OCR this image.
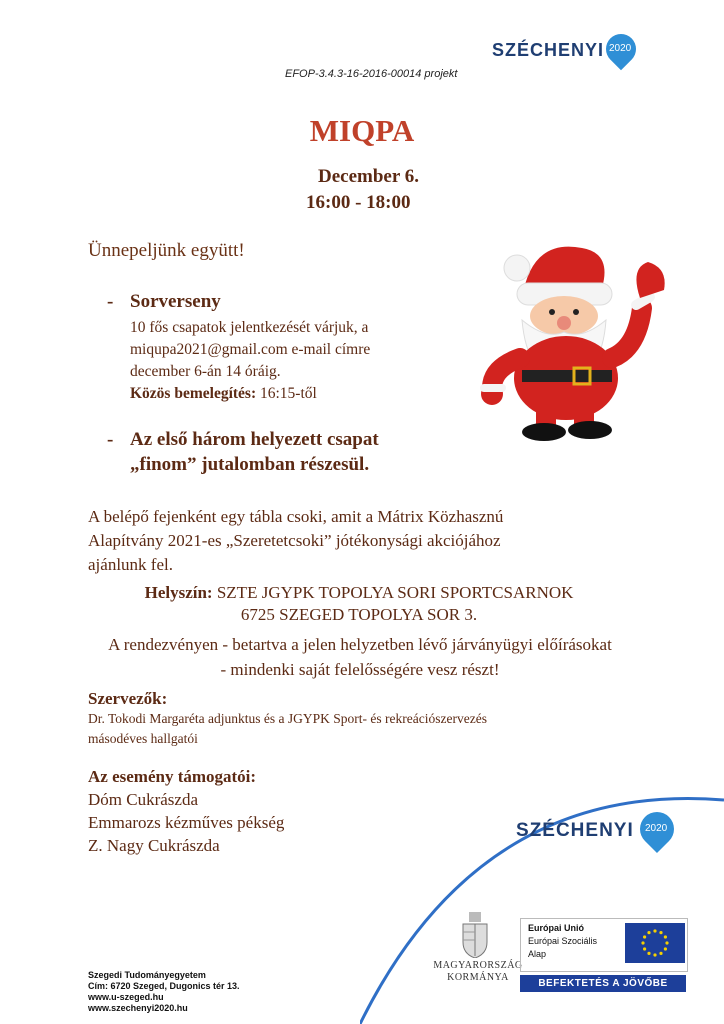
SZÉCHENYI 2020
EFOP-3.4.3-16-2016-00014 projekt
MIQPA
December 6.
16:00 - 18:00
Ünnepeljünk együtt!
- Sorverseny
10 fős csapatok jelentkezését várjuk, a
miqupa2021@gmail.com e-mail címre
december 6-án 14 óráig.
Közös bemelegítés: 16:15-től
- Az első három helyezett csapat
„finom” jutalomban részesül.
A belépő fejenként egy tábla csoki, amit a Mátrix Közhasznú
Alapítvány 2021-es „Szeretetcsoki” jótékonysági akciójához
ajánlunk fel.
Helyszín: SZTE JGYPK TOPOLYA SORI SPORTCSARNOK
6725 SZEGED TOPOLYA SOR 3.
A rendezvényen - betartva a jelen helyzetben lévő járványügyi előírásokat
- mindenki saját felelősségére vesz részt!
Szervezők:
Dr. Tokodi Margaréta adjunktus és a JGYPK Sport- és rekreációszervezés
másodéves hallgatói
Az esemény támogatói:
Dóm Cukrászda
Emmarozs kézműves pékség
Z. Nagy Cukrászda
SZÉCHENYI 2020
MAGYARORSZÁG
KORMÁNYA
Európai Unió
Európai Szociális
Alap
BEFEKTETÉS A JÖVŐBE
Szegedi Tudományegyetem
Cím: 6720 Szeged, Dugonics tér 13.
www.u-szeged.hu
www.szechenyi2020.hu
